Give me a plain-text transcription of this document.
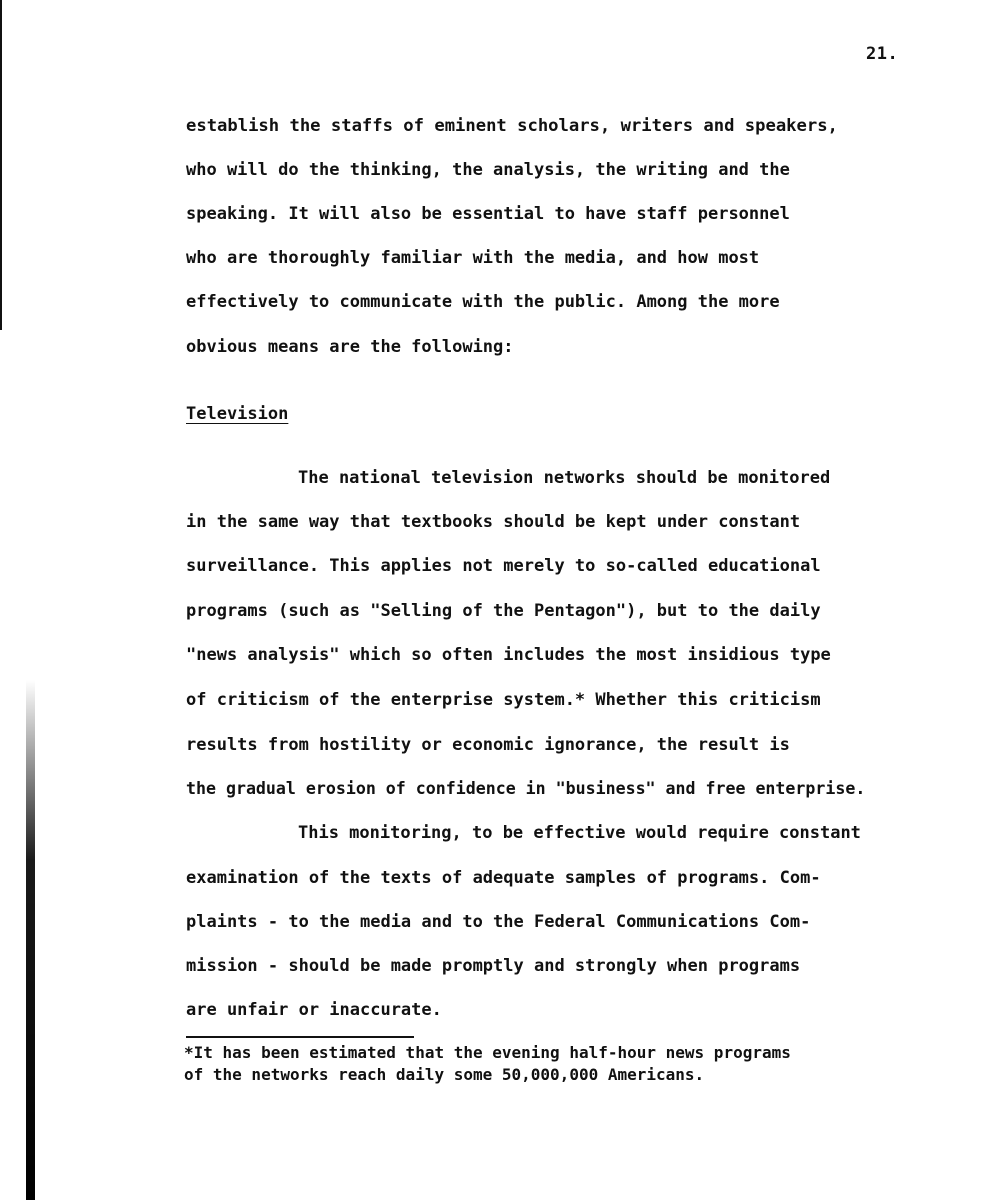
21.
establish the staffs of eminent scholars, writers and speakers,
who will do the thinking, the analysis, the writing and the
speaking. It will also be essential to have staff personnel
who are thoroughly familiar with the media, and how most
effectively to communicate with the public. Among the more
obvious means are the following:
Television
The national television networks should be monitored
in the same way that textbooks should be kept under constant
surveillance. This applies not merely to so-called educational
programs (such as "Selling of the Pentagon"), but to the daily
"news analysis" which so often includes the most insidious type
of criticism of the enterprise system.* Whether this criticism
results from hostility or economic ignorance, the result is
the gradual erosion of confidence in "business" and free enterprise.
This monitoring, to be effective would require constant
examination of the texts of adequate samples of programs. Com-
plaints - to the media and to the Federal Communications Com-
mission - should be made promptly and strongly when programs
are unfair or inaccurate.
*It has been estimated that the evening half-hour news programs
of the networks reach daily some 50,000,000 Americans.
